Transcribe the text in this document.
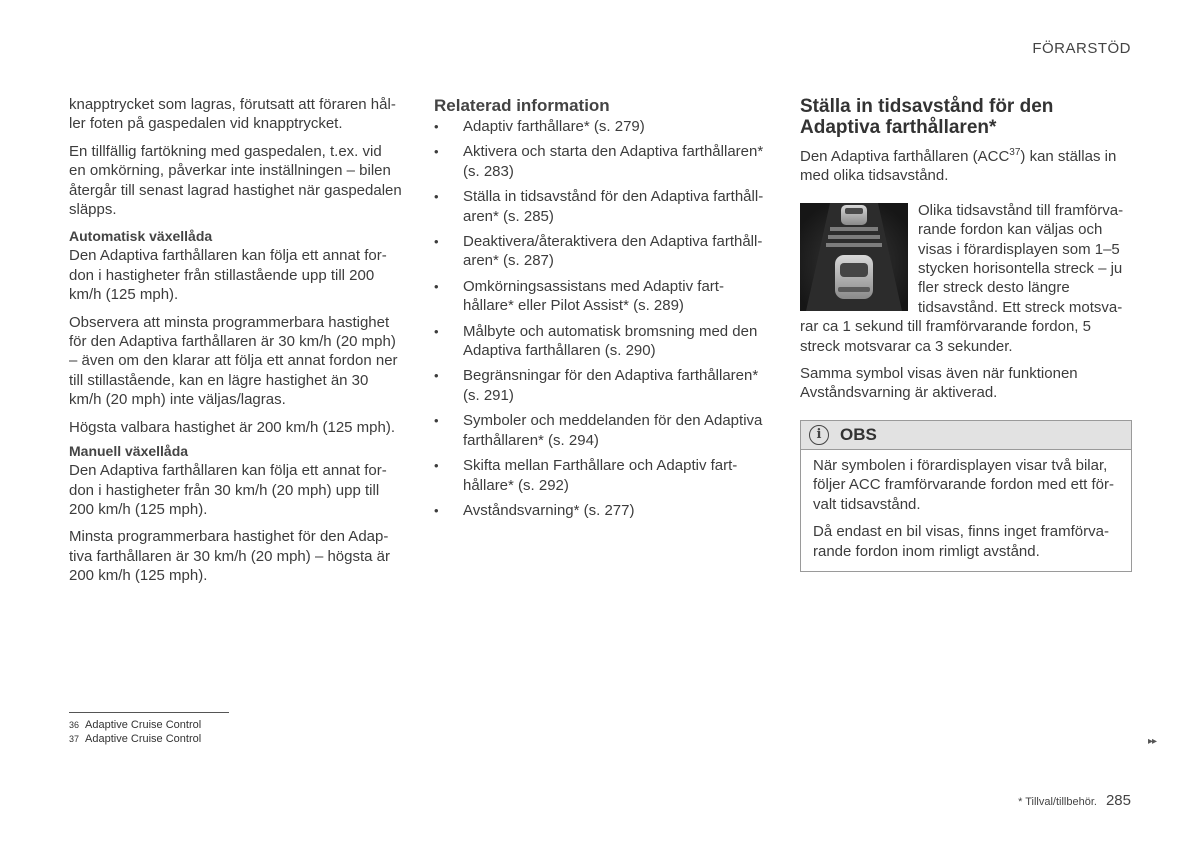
FÖRARSTÖD

knapptrycket som lagras, förutsatt att föraren håller foten på gaspedalen vid knapptrycket.

En tillfällig fartökning med gaspedalen, t.ex. vid en omkörning, påverkar inte inställningen – bilen återgår till senast lagrad hastighet när gaspedalen släpps.

Automatisk växellåda

Den Adaptiva farthållaren kan följa ett annat fordon i hastigheter från stillastående upp till 200 km/h (125 mph).

Observera att minsta programmerbara hastighet för den Adaptiva farthållaren är 30 km/h (20 mph) – även om den klarar att följa ett annat fordon ner till stillastående, kan en lägre hastighet än 30 km/h (20 mph) inte väljas/lagras.

Högsta valbara hastighet är 200 km/h (125 mph).

Manuell växellåda

Den Adaptiva farthållaren kan följa ett annat fordon i hastigheter från 30 km/h (20 mph) upp till 200 km/h (125 mph).

Minsta programmerbara hastighet för den Adaptiva farthållaren är 30 km/h (20 mph) – högsta är 200 km/h (125 mph).

Relaterad information
• Adaptiv farthållare* (s. 279)
• Aktivera och starta den Adaptiva farthållaren* (s. 283)
• Ställa in tidsavstånd för den Adaptiva farthållaren* (s. 285)
• Deaktivera/återaktivera den Adaptiva farthållaren* (s. 287)
• Omkörningsassistans med Adaptiv farthållare* eller Pilot Assist* (s. 289)
• Målbyte och automatisk bromsning med den Adaptiva farthållaren (s. 290)
• Begränsningar för den Adaptiva farthållaren* (s. 291)
• Symboler och meddelanden för den Adaptiva farthållaren* (s. 294)
• Skifta mellan Farthållare och Adaptiv farthållare* (s. 292)
• Avståndsvarning* (s. 277)
Ställa in tidsavstånd för den Adaptiva farthållaren*

Den Adaptiva farthållaren (ACC$^{37}$) kan ställas in med olika tidsavstånd.

Olika tidsavstånd till framförvarande fordon kan väljas och visas i förardisplayen som 1–5 stycken horisontella streck – ju fler streck desto längre tidsavstånd. Ett streck motsvarar ca 1 sekund till framförvarande fordon, 5 streck motsvarar ca 3 sekunder.

Samma symbol visas även när funktionen Avståndsvarning är aktiverad.

i	OBS

När symbolen i förardisplayen visar två bilar, följer ACC framförvarande fordon med ett förvalt tidsavstånd.

Då endast en bil visas, finns inget framförvarande fordon inom rimligt avstånd.

36 Adaptive Cruise Control
37 Adaptive Cruise Control	▸▸
* Tillval/tillbehör. 285
